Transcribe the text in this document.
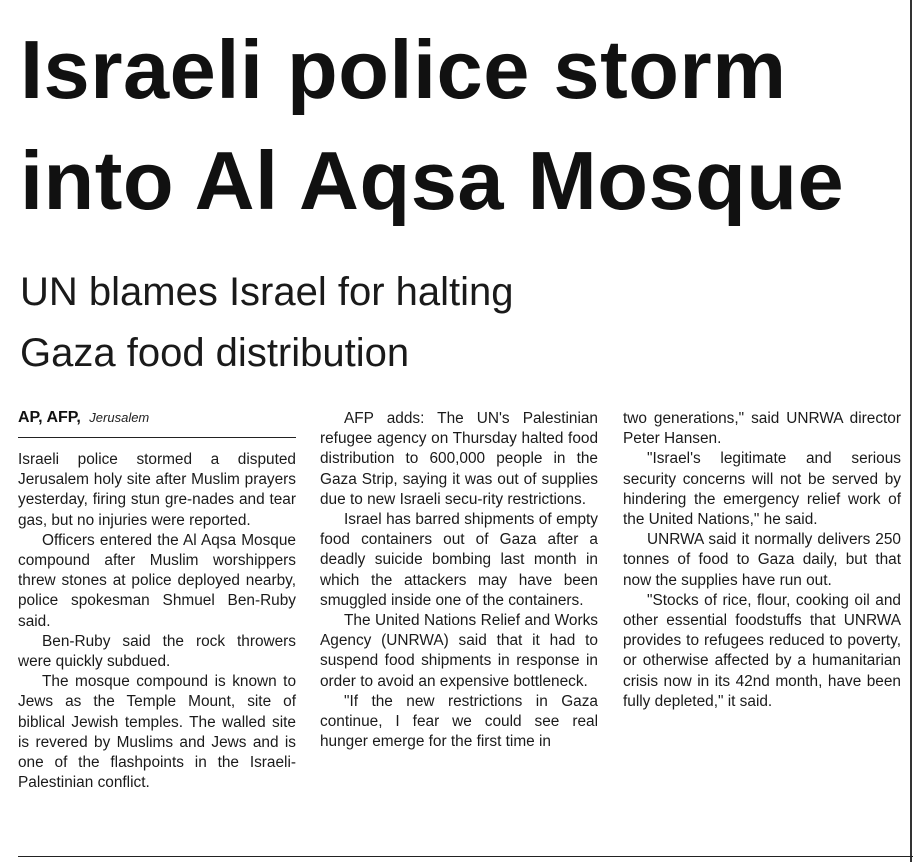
Israeli police storm
into Al Aqsa Mosque
UN blames Israel for halting
Gaza food distribution
AP, AFP, Jerusalem

Israeli police stormed a disputed Jerusalem holy site after Muslim prayers yesterday, firing stun gre-nades and tear gas, but no injuries were reported.

Officers entered the Al Aqsa Mosque compound after Muslim worshippers threw stones at police deployed nearby, police spokesman Shmuel Ben-Ruby said.

Ben-Ruby said the rock throwers were quickly subdued.

The mosque compound is known to Jews as the Temple Mount, site of biblical Jewish temples. The walled site is revered by Muslims and Jews and is one of the flashpoints in the Israeli-Palestinian conflict.

AFP adds: The UN's Palestinian refugee agency on Thursday halted food distribution to 600,000 people in the Gaza Strip, saying it was out of supplies due to new Israeli secu-rity restrictions.

Israel has barred shipments of empty food containers out of Gaza after a deadly suicide bombing last month in which the attackers may have been smuggled inside one of the containers.

The United Nations Relief and Works Agency (UNRWA) said that it had to suspend food shipments in response in order to avoid an expensive bottleneck.

"If the new restrictions in Gaza continue, I fear we could see real hunger emerge for the first time in

two generations," said UNRWA director Peter Hansen.

"Israel's legitimate and serious security concerns will not be served by hindering the emergency relief work of the United Nations," he said.

UNRWA said it normally delivers 250 tonnes of food to Gaza daily, but that now the supplies have run out.

"Stocks of rice, flour, cooking oil and other essential foodstuffs that UNRWA provides to refugees reduced to poverty, or otherwise affected by a humanitarian crisis now in its 42nd month, have been fully depleted," it said.
